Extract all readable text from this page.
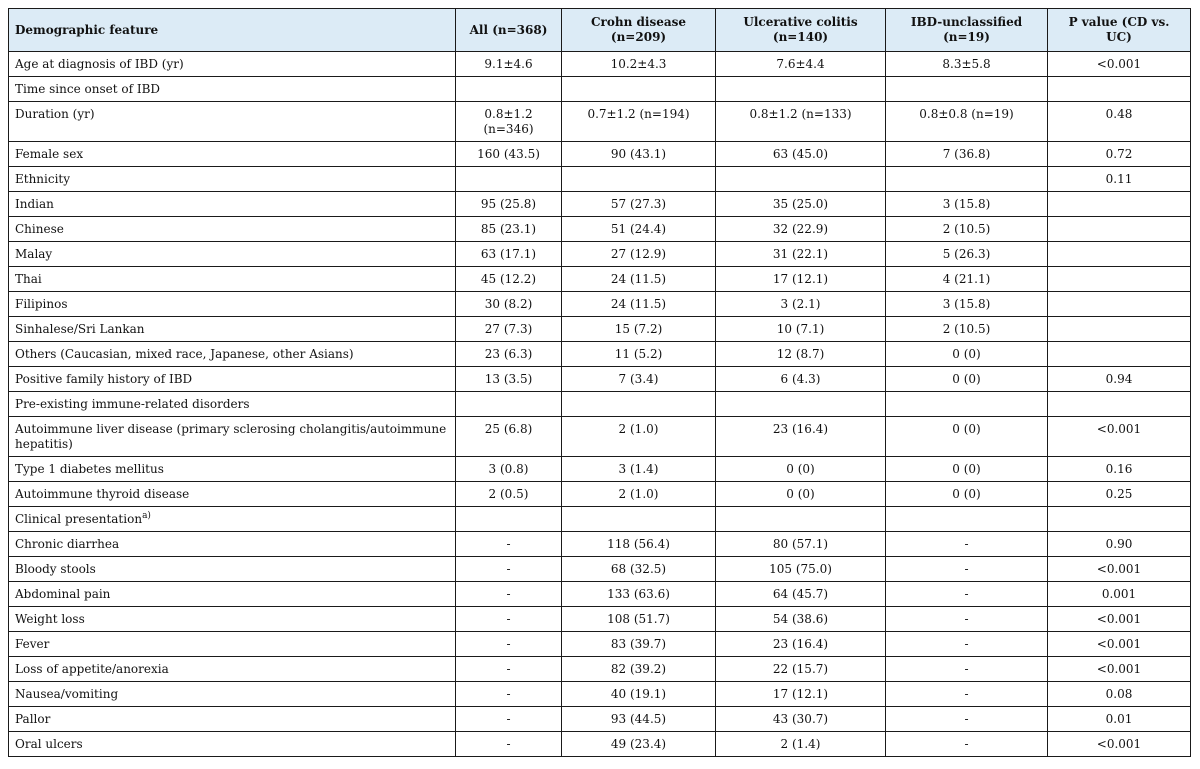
Demographic feature	All (n=368)	Crohn disease (n=209)	Ulcerative colitis (n=140)	IBD-unclassified (n=19)	P value (CD vs. UC)
Age at diagnosis of IBD (yr)	9.1±4.6	10.2±4.3	7.6±4.4	8.3±5.8	<0.001
Time since onset of IBD					
Duration (yr)	0.8±1.2 (n=346)	0.7±1.2 (n=194)	0.8±1.2 (n=133)	0.8±0.8 (n=19)	0.48
Female sex	160 (43.5)	90 (43.1)	63 (45.0)	7 (36.8)	0.72
Ethnicity					0.11
Indian	95 (25.8)	57 (27.3)	35 (25.0)	3 (15.8)	
Chinese	85 (23.1)	51 (24.4)	32 (22.9)	2 (10.5)	
Malay	63 (17.1)	27 (12.9)	31 (22.1)	5 (26.3)	
Thai	45 (12.2)	24 (11.5)	17 (12.1)	4 (21.1)	
Filipinos	30 (8.2)	24 (11.5)	3 (2.1)	3 (15.8)	
Sinhalese/Sri Lankan	27 (7.3)	15 (7.2)	10 (7.1)	2 (10.5)	
Others (Caucasian, mixed race, Japanese, other Asians)	23 (6.3)	11 (5.2)	12 (8.7)	0 (0)	
Positive family history of IBD	13 (3.5)	7 (3.4)	6 (4.3)	0 (0)	0.94
Pre-existing immune-related disorders					
Autoimmune liver disease (primary sclerosing cholangitis/autoimmune hepatitis)	25 (6.8)	2 (1.0)	23 (16.4)	0 (0)	<0.001
Type 1 diabetes mellitus	3 (0.8)	3 (1.4)	0 (0)	0 (0)	0.16
Autoimmune thyroid disease	2 (0.5)	2 (1.0)	0 (0)	0 (0)	0.25
Clinical presentation$^{a)}$					
Chronic diarrhea	-	118 (56.4)	80 (57.1)	-	0.90
Bloody stools	-	68 (32.5)	105 (75.0)	-	<0.001
Abdominal pain	-	133 (63.6)	64 (45.7)	-	0.001
Weight loss	-	108 (51.7)	54 (38.6)	-	<0.001
Fever	-	83 (39.7)	23 (16.4)	-	<0.001
Loss of appetite/anorexia	-	82 (39.2)	22 (15.7)	-	<0.001
Nausea/vomiting	-	40 (19.1)	17 (12.1)	-	0.08
Pallor	-	93 (44.5)	43 (30.7)	-	0.01
Oral ulcers	-	49 (23.4)	2 (1.4)	-	<0.001
